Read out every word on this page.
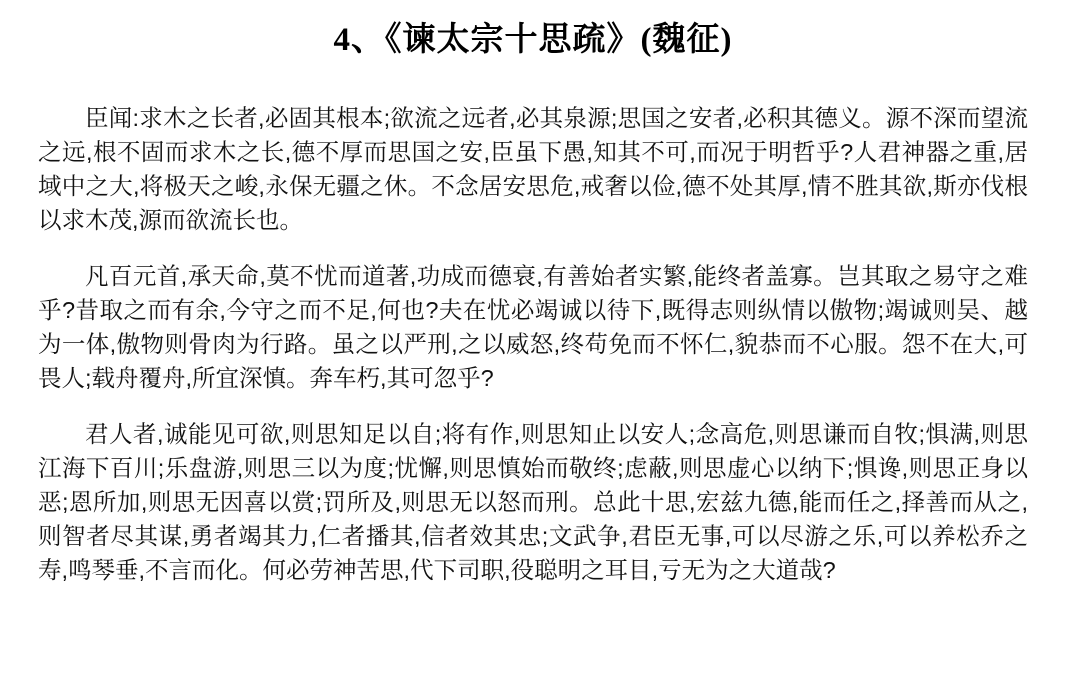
4、《谏太宗十思疏》(魏征)

臣闻:求木之长者,必固其根本;欲流之远者,必其泉源;思国之安者,必积其德义。源不深而望流之远,根不固而求木之长,德不厚而思国之安,臣虽下愚,知其不可,而况于明哲乎?人君神器之重,居域中之大,将极天之峻,永保无疆之休。不念居安思危,戒奢以俭,德不处其厚,情不胜其欲,斯亦伐根以求木茂,源而欲流长也。

凡百元首,承天命,莫不忧而道著,功成而德衰,有善始者实繁,能终者盖寡。岂其取之易守之难乎?昔取之而有余,今守之而不足,何也?夫在忧必竭诚以待下,既得志则纵情以傲物;竭诚则吴、越为一体,傲物则骨肉为行路。虽之以严刑,之以威怒,终苟免而不怀仁,貌恭而不心服。怨不在大,可畏人;载舟覆舟,所宜深慎。奔车朽,其可忽乎?

君人者,诚能见可欲,则思知足以自;将有作,则思知止以安人;念高危,则思谦而自牧;惧满,则思江海下百川;乐盘游,则思三以为度;忧懈,则思慎始而敬终;虑蔽,则思虚心以纳下;惧谗,则思正身以恶;恩所加,则思无因喜以赏;罚所及,则思无以怒而刑。总此十思,宏兹九德,能而任之,择善而从之,则智者尽其谋,勇者竭其力,仁者播其,信者效其忠;文武争,君臣无事,可以尽游之乐,可以养松乔之寿,鸣琴垂,不言而化。何必劳神苦思,代下司职,役聪明之耳目,亏无为之大道哉?
